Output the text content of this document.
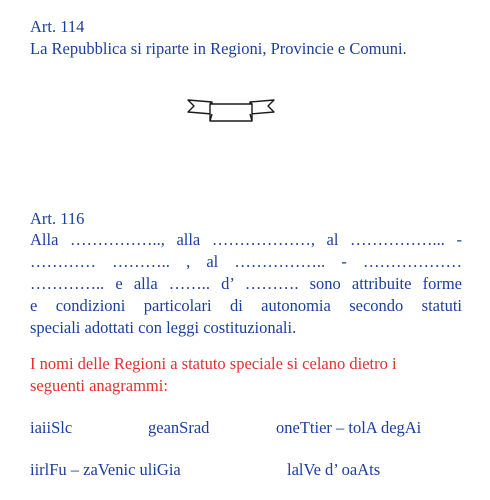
Art. 114
La Repubblica si riparte in Regioni, Provincie e Comuni.
Art. 116
Alla …………….., alla ………………, al ……………... -
………… ……….. , al …………….. - ………………
………….. e alla …….. d’ ………. sono attribuite forme
e condizioni particolari di autonomia secondo statuti
speciali adottati con leggi costituzionali.
I nomi delle Regioni a statuto speciale si celano dietro i
seguenti anagrammi:
iaiiSlc	geanSrad	oneTtier – tolA degAi
iirlFu – zaVenic uliGia	lalVe d’ oaAts
